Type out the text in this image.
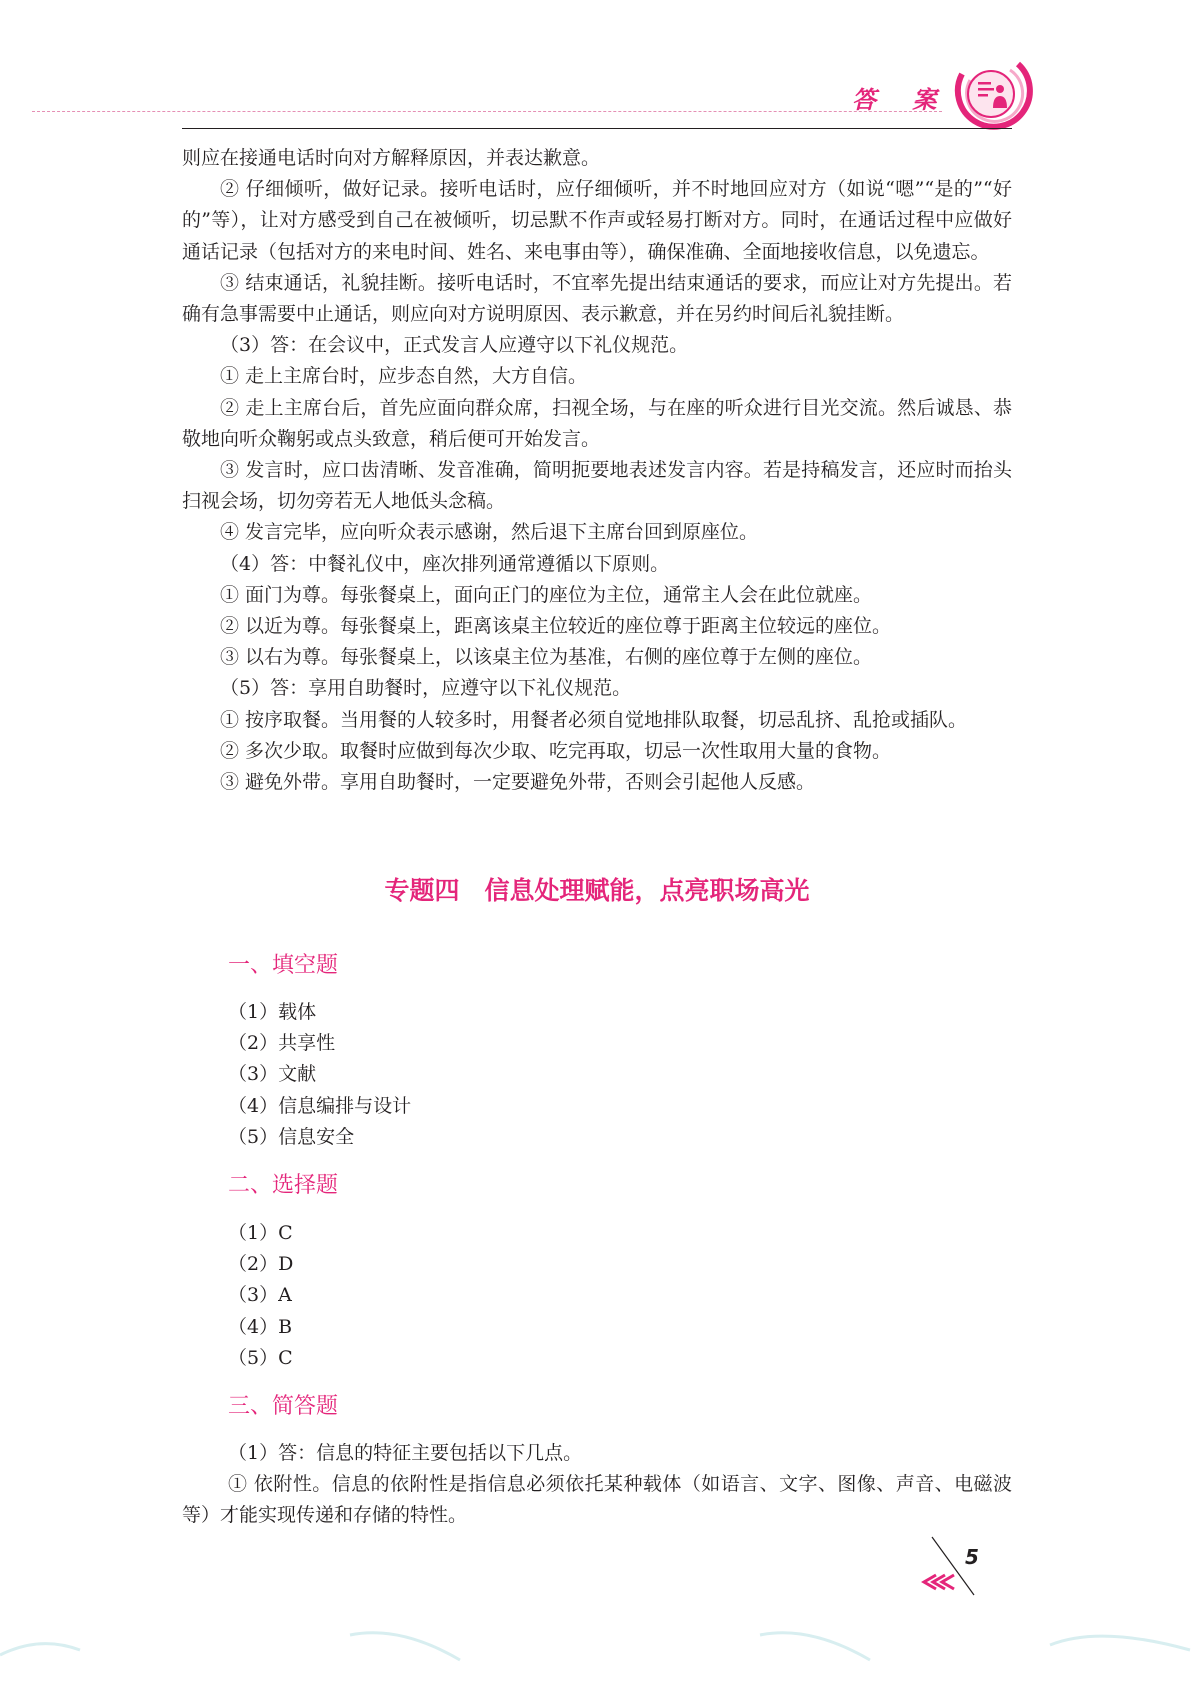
答 案

则应在接通电话时向对方解释原因，并表达歉意。

② 仔细倾听，做好记录。接听电话时，应仔细倾听，并不时地回应对方（如说“嗯”“是的”“好的”等），让对方感受到自己在被倾听，切忌默不作声或轻易打断对方。同时，在通话过程中应做好通话记录（包括对方的来电时间、姓名、来电事由等），确保准确、全面地接收信息，以免遗忘。

③ 结束通话，礼貌挂断。接听电话时，不宜率先提出结束通话的要求，而应让对方先提出。若确有急事需要中止通话，则应向对方说明原因、表示歉意，并在另约时间后礼貌挂断。

（3）答：在会议中，正式发言人应遵守以下礼仪规范。

① 走上主席台时，应步态自然，大方自信。

② 走上主席台后，首先应面向群众席，扫视全场，与在座的听众进行目光交流。然后诚恳、恭敬地向听众鞠躬或点头致意，稍后便可开始发言。

③ 发言时，应口齿清晰、发音准确，简明扼要地表述发言内容。若是持稿发言，还应时而抬头扫视会场，切勿旁若无人地低头念稿。

④ 发言完毕，应向听众表示感谢，然后退下主席台回到原座位。

（4）答：中餐礼仪中，座次排列通常遵循以下原则。

① 面门为尊。每张餐桌上，面向正门的座位为主位，通常主人会在此位就座。

② 以近为尊。每张餐桌上，距离该桌主位较近的座位尊于距离主位较远的座位。

③ 以右为尊。每张餐桌上，以该桌主位为基准，右侧的座位尊于左侧的座位。

（5）答：享用自助餐时，应遵守以下礼仪规范。

① 按序取餐。当用餐的人较多时，用餐者必须自觉地排队取餐，切忌乱挤、乱抢或插队。

② 多次少取。取餐时应做到每次少取、吃完再取，切忌一次性取用大量的食物。

③ 避免外带。享用自助餐时，一定要避免外带，否则会引起他人反感。

专题四　信息处理赋能，点亮职场高光
一、填空题

（1）载体

（2）共享性

（3）文献

（4）信息编排与设计

（5）信息安全

二、选择题

（1）C

（2）D

（3）A

（4）B

（5）C

三、简答题

（1）答：信息的特征主要包括以下几点。

① 依附性。信息的依附性是指信息必须依托某种载体（如语言、文字、图像、声音、电磁波等）才能实现传递和存储的特性。

5
